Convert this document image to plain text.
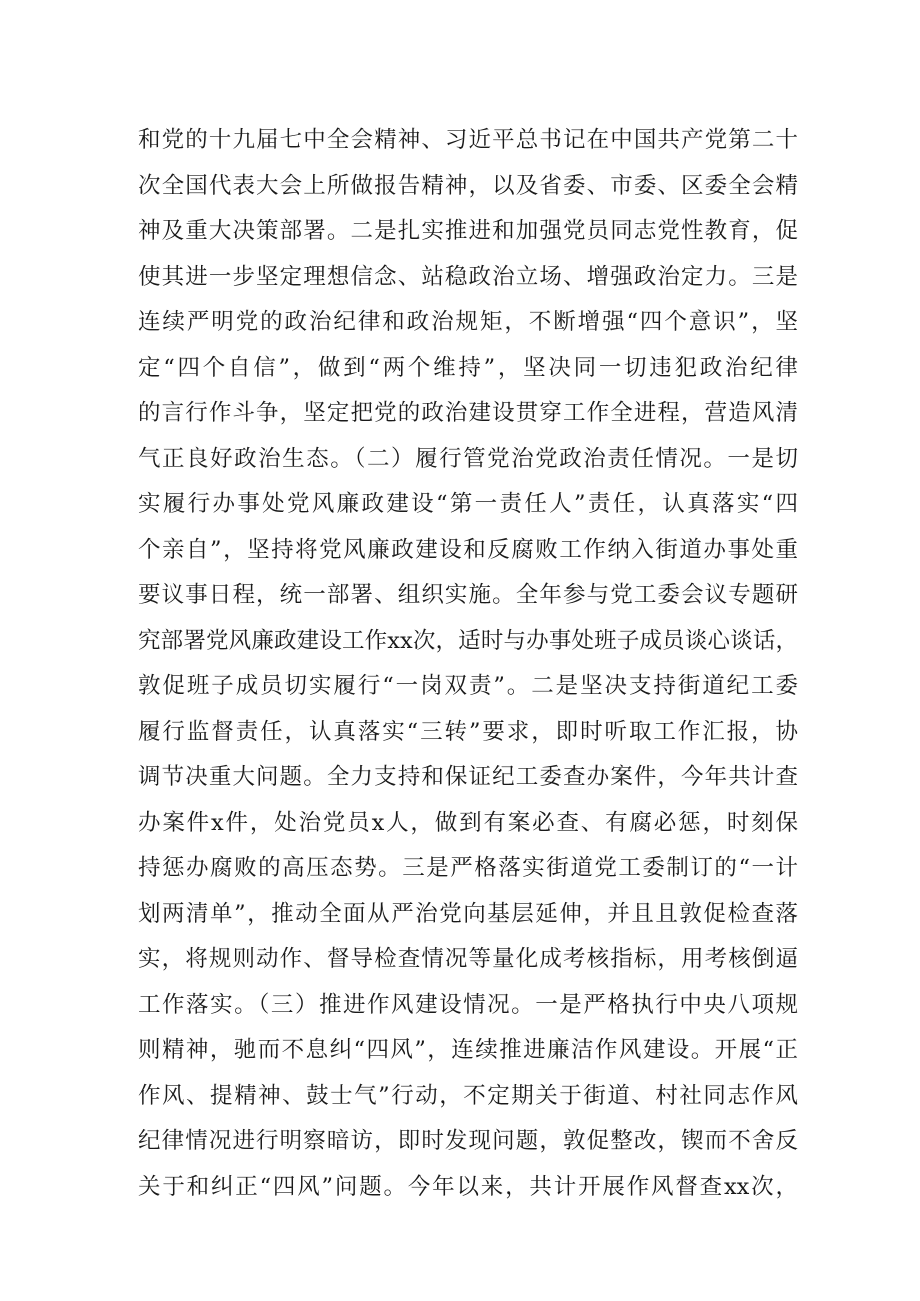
和党的十九届七中全会精神、习近平总书记在中国共产党第二十
次全国代表大会上所做报告精神，以及省委、市委、区委全会精
神及重大决策部署。二是扎实推进和加强党员同志党性教育，促
使其进一步坚定理想信念、站稳政治立场、增强政治定力。三是
连续严明党的政治纪律和政治规矩，不断增强“四个意识”，坚
定“四个自信”，做到“两个维持”，坚决同一切违犯政治纪律
的言行作斗争，坚定把党的政治建设贯穿工作全进程，营造风清
气正良好政治生态。（二）履行管党治党政治责任情况。一是切
实履行办事处党风廉政建设“第一责任人”责任，认真落实“四
个亲自”，坚持将党风廉政建设和反腐败工作纳入街道办事处重
要议事日程，统一部署、组织实施。全年参与党工委会议专题研
究部署党风廉政建设工作xx次，适时与办事处班子成员谈心谈话，
敦促班子成员切实履行“一岗双责”。二是坚决支持街道纪工委
履行监督责任，认真落实“三转”要求，即时听取工作汇报，协
调节决重大问题。全力支持和保证纪工委查办案件，今年共计查
办案件x件，处治党员x人，做到有案必查、有腐必惩，时刻保
持惩办腐败的高压态势。三是严格落实街道党工委制订的“一计
划两清单”，推动全面从严治党向基层延伸，并且且敦促检查落
实，将规则动作、督导检查情况等量化成考核指标，用考核倒逼
工作落实。（三）推进作风建设情况。一是严格执行中央八项规
则精神，驰而不息纠“四风”，连续推进廉洁作风建设。开展“正
作风、提精神、鼓士气”行动，不定期关于街道、村社同志作风
纪律情况进行明察暗访，即时发现问题，敦促整改，锲而不舍反
关于和纠正“四风”问题。今年以来，共计开展作风督查xx次，
